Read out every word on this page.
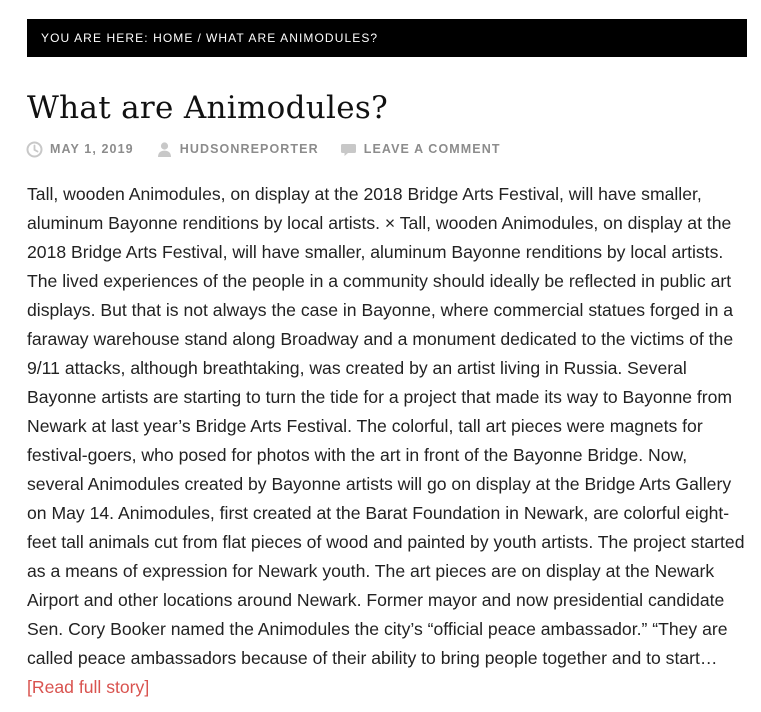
YOU ARE HERE:
HOME / WHAT ARE ANIMODULES?
What are Animodules?
MAY 1, 2019	HUDSONREPORTER	LEAVE A COMMENT

Tall, wooden Animodules, on display at the 2018 Bridge Arts Festival, will have smaller, aluminum Bayonne renditions by local artists. × Tall, wooden Animodules, on display at the 2018 Bridge Arts Festival, will have smaller, aluminum Bayonne renditions by local artists. The lived experiences of the people in a community should ideally be reflected in public art displays. But that is not always the case in Bayonne, where commercial statues forged in a faraway warehouse stand along Broadway and a monument dedicated to the victims of the 9/11 attacks, although breathtaking, was created by an artist living in Russia. Several Bayonne artists are starting to turn the tide for a project that made its way to Bayonne from Newark at last year’s Bridge Arts Festival. The colorful, tall art pieces were magnets for festival-goers, who posed for photos with the art in front of the Bayonne Bridge. Now, several Animodules created by Bayonne artists will go on display at the Bridge Arts Gallery on May 14. Animodules, first created at the Barat Foundation in Newark, are colorful eight-feet tall animals cut from flat pieces of wood and painted by youth artists. The project started as a means of expression for Newark youth. The art pieces are on display at the Newark Airport and other locations around Newark. Former mayor and now presidential candidate Sen. Cory Booker named the Animodules the city’s “official peace ambassador.” “They are called peace ambassadors because of their ability to bring people together and to start… [Read full story]
